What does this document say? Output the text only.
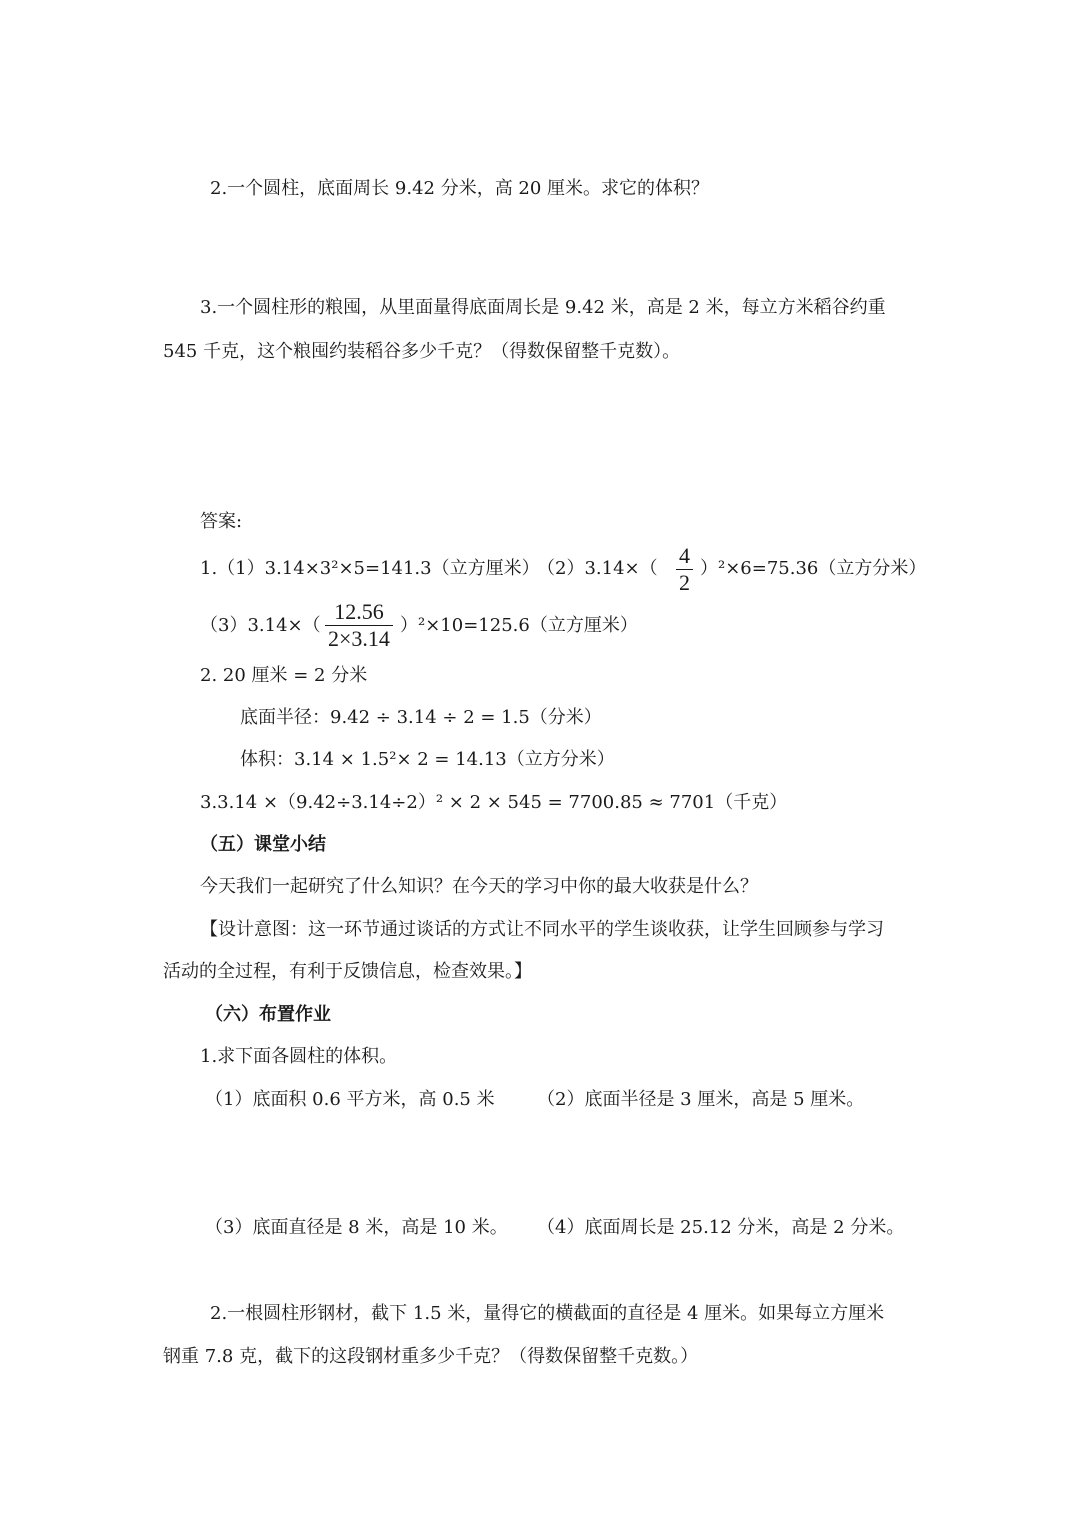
2.一个圆柱，底面周长 9.42 分米，高 20 厘米。求它的体积？
3.一个圆柱形的粮囤，从里面量得底面周长是 9.42 米，高是 2 米，每立方米稻谷约重
545 千克，这个粮囤约装稻谷多少千克？（得数保留整千克数）。
答案:
1.（1）3.14×3²×5=141.3（立方厘米）
（2）3.14×（
4
2
）²×6=75.36（立方分米）
（3）3.14×（
12.56
2×3.14
）²×10=125.6（立方厘米）
2. 20 厘米 = 2 分米
底面半径：9.42 ÷ 3.14 ÷ 2 = 1.5（分米）
体积：3.14 × 1.5²× 2 = 14.13（立方分米）
3.3.14 ×（9.42÷3.14÷2）² × 2 × 545 = 7700.85 ≈ 7701（千克）
（五）课堂小结
今天我们一起研究了什么知识？在今天的学习中你的最大收获是什么？
【设计意图：这一环节通过谈话的方式让不同水平的学生谈收获，让学生回顾参与学习
活动的全过程，有利于反馈信息，检查效果。】
（六）布置作业
1.求下面各圆柱的体积。
（1）底面积 0.6 平方米，高 0.5 米 （2）底面半径是 3 厘米，高是 5 厘米。
（3）底面直径是 8 米，高是 10 米。 （4）底面周长是 25.12 分米，高是 2 分米。
2.一根圆柱形钢材，截下 1.5 米，量得它的横截面的直径是 4 厘米。如果每立方厘米
钢重 7.8 克，截下的这段钢材重多少千克？（得数保留整千克数。）
